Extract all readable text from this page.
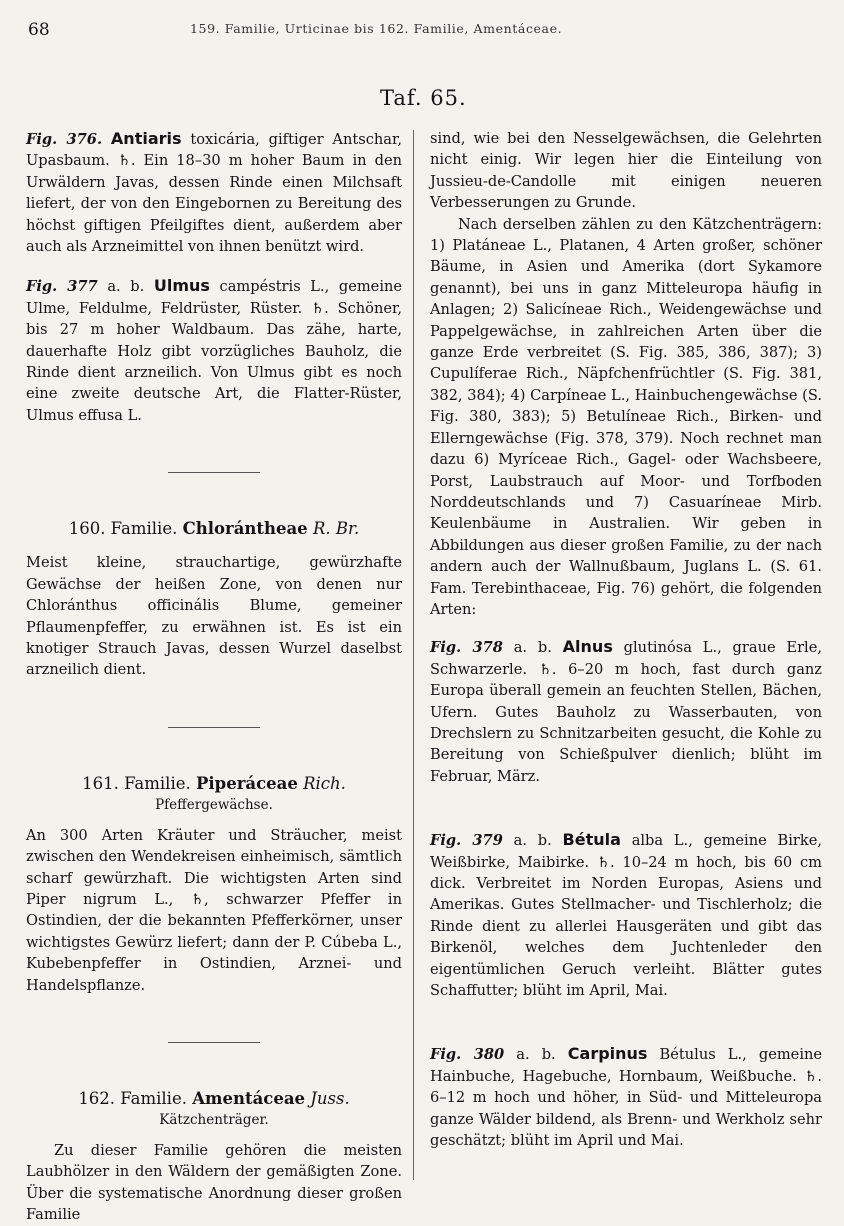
68	159. Familie, Urticinae bis 162. Familie, Amentáceae.
Taf. 65.

Fig. 376. Antiaris toxicária, giftiger Antschar, Upasbaum. ♄. Ein 18–30 m hoher Baum in den Urwäldern Javas, dessen Rinde einen Milchsaft liefert, der von den Eingebornen zu Bereitung des höchst giftigen Pfeilgiftes dient, außerdem aber auch als Arzneimittel von ihnen benützt wird.

Fig. 377 a. b. Ulmus campéstris L., gemeine Ulme, Feldulme, Feldrüster, Rüster. ♄. Schöner, bis 27 m hoher Waldbaum. Das zähe, harte, dauerhafte Holz gibt vorzügliches Bauholz, die Rinde dient arzneilich. Von Ulmus gibt es noch eine zweite deutsche Art, die Flatter-Rüster, Ulmus effusa L.

160. Familie. Chlorántheae R. Br.

Meist kleine, strauchartige, gewürzhafte Gewächse der heißen Zone, von denen nur Chloránthus officinális Blume, gemeiner Pflaumenpfeffer, zu erwähnen ist. Es ist ein knotiger Strauch Javas, dessen Wurzel daselbst arzneilich dient.

161. Familie. Piperáceae Rich.
Pfeffergewächse.

An 300 Arten Kräuter und Sträucher, meist zwischen den Wendekreisen einheimisch, sämtlich scharf gewürzhaft. Die wichtigsten Arten sind Piper nigrum L., ♄, schwarzer Pfeffer in Ostindien, der die bekannten Pfefferkörner, unser wichtigstes Gewürz liefert; dann der P. Cúbeba L., Kubebenpfeffer in Ostindien, Arznei- und Handelspflanze.

162. Familie. Amentáceae Juss.
Kätzchenträger.

Zu dieser Familie gehören die meisten Laubhölzer in den Wäldern der gemäßigten Zone. Über die systematische Anordnung dieser großen Familie

sind, wie bei den Nesselgewächsen, die Gelehrten nicht einig. Wir legen hier die Einteilung von Jussieu-de-Candolle mit einigen neueren Verbesserungen zu Grunde.

Nach derselben zählen zu den Kätzchenträgern: 1) Platáneae L., Platanen, 4 Arten großer, schöner Bäume, in Asien und Amerika (dort Sykamore genannt), bei uns in ganz Mitteleuropa häufig in Anlagen; 2) Salicíneae Rich., Weidengewächse und Pappelgewächse, in zahlreichen Arten über die ganze Erde verbreitet (S. Fig. 385, 386, 387); 3) Cupulíferae Rich., Näpfchenfrüchtler (S. Fig. 381, 382, 384); 4) Carpíneae L., Hainbuchengewächse (S. Fig. 380, 383); 5) Betulíneae Rich., Birken- und Ellerngewächse (Fig. 378, 379). Noch rechnet man dazu 6) Myríceae Rich., Gagel- oder Wachsbeere, Porst, Laubstrauch auf Moor- und Torfboden Norddeutschlands und 7) Casuaríneae Mirb. Keulenbäume in Australien. Wir geben in Abbildungen aus dieser großen Familie, zu der nach andern auch der Wallnußbaum, Juglans L. (S. 61. Fam. Terebinthaceae, Fig. 76) gehört, die folgenden Arten:

Fig. 378 a. b. Alnus glutinósa L., graue Erle, Schwarzerle. ♄. 6–20 m hoch, fast durch ganz Europa überall gemein an feuchten Stellen, Bächen, Ufern. Gutes Bauholz zu Wasserbauten, von Drechslern zu Schnitzarbeiten gesucht, die Kohle zu Bereitung von Schießpulver dienlich; blüht im Februar, März.

Fig. 379 a. b. Bétula alba L., gemeine Birke, Weißbirke, Maibirke. ♄. 10–24 m hoch, bis 60 cm dick. Verbreitet im Norden Europas, Asiens und Amerikas. Gutes Stellmacher- und Tischlerholz; die Rinde dient zu allerlei Hausgeräten und gibt das Birkenöl, welches dem Juchtenleder den eigentümlichen Geruch verleiht. Blätter gutes Schaffutter; blüht im April, Mai.

Fig. 380 a. b. Carpinus Bétulus L., gemeine Hainbuche, Hagebuche, Hornbaum, Weißbuche. ♄. 6–12 m hoch und höher, in Süd- und Mitteleuropa ganze Wälder bildend, als Brenn- und Werkholz sehr geschätzt; blüht im April und Mai.
